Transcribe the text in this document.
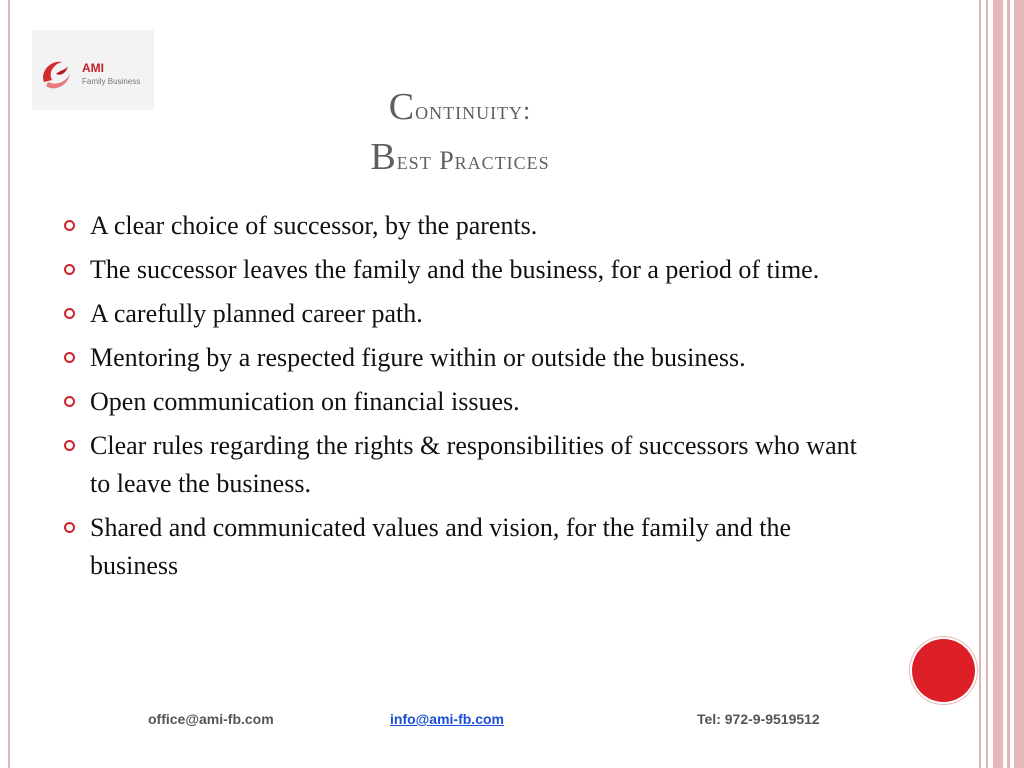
AMI
Family Business
Continuity:
Best Practices
A clear choice of successor, by the parents.
The successor leaves the family and the business, for a period of time.
A carefully planned career path.
Mentoring by a respected figure within or outside the business.
Open communication on financial issues.
Clear rules regarding the rights & responsibilities of successors who want to leave the business.
Shared and communicated values and vision, for the family and the business
office@ami-fb.com	info@ami-fb.com	Tel: 972-9-9519512
